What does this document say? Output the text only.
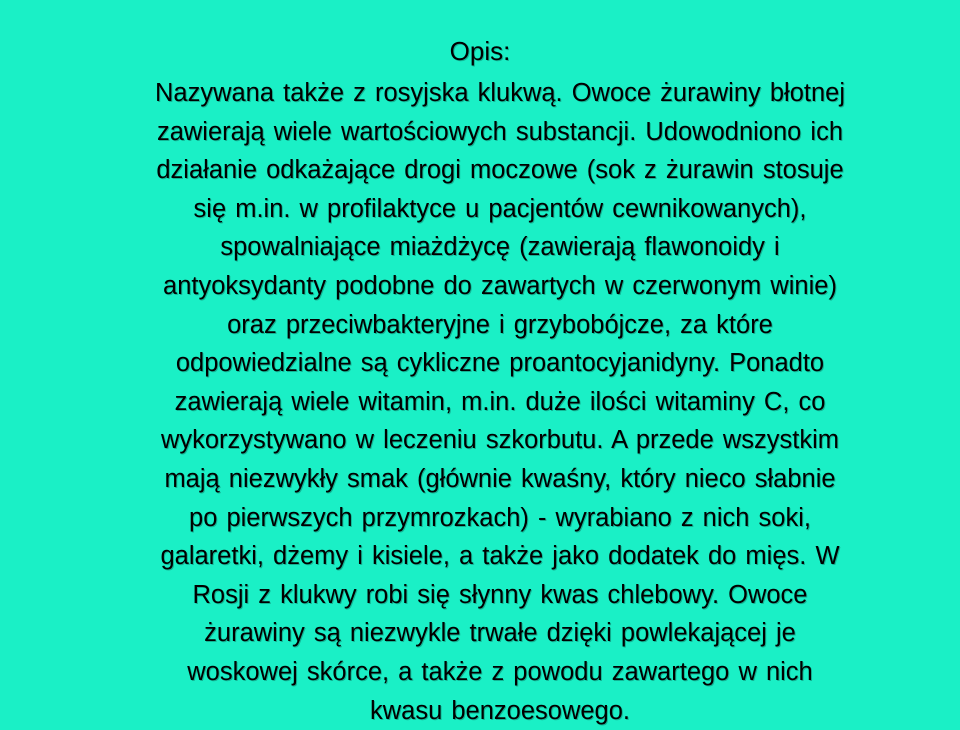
Opis:
Nazywana także z rosyjska klukwą. Owoce żurawiny błotnej
zawierają wiele wartościowych substancji. Udowodniono ich
działanie odkażające drogi moczowe (sok z żurawin stosuje
się m.in. w profilaktyce u pacjentów cewnikowanych),
spowalniające miażdżycę (zawierają flawonoidy i
antyoksydanty podobne do zawartych w czerwonym winie)
oraz przeciwbakteryjne i grzybobójcze, za które
odpowiedzialne są cykliczne proantocyjanidyny. Ponadto
zawierają wiele witamin, m.in. duże ilości witaminy C, co
wykorzystywano w leczeniu szkorbutu. A przede wszystkim
mają niezwykły smak (głównie kwaśny, który nieco słabnie
po pierwszych przymrozkach) - wyrabiano z nich soki,
galaretki, dżemy i kisiele, a także jako dodatek do mięs. W
Rosji z klukwy robi się słynny kwas chlebowy. Owoce
żurawiny są niezwykle trwałe dzięki powlekającej je
woskowej skórce, a także z powodu zawartego w nich
kwasu benzoesowego.
